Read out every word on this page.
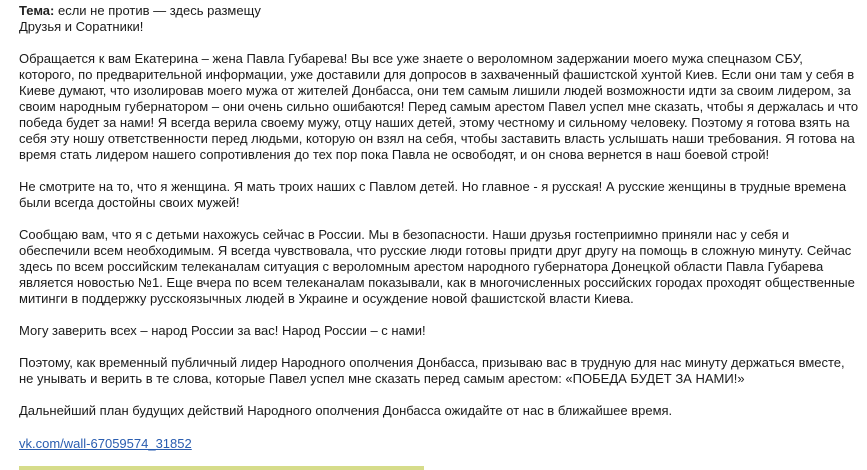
Тема: если не против — здесь размещу
Друзья и Соратники!

Обращается к вам Екатерина – жена Павла Губарева! Вы все уже знаете о вероломном задержании моего мужа спецназом СБУ, которого, по предварительной информации, уже доставили для допросов в захваченный фашистской хунтой Киев. Если они там у себя в Киеве думают, что изолировав моего мужа от жителей Донбасса, они тем самым лишили людей возможности идти за своим лидером, за своим народным губернатором – они очень сильно ошибаются! Перед самым арестом Павел успел мне сказать, чтобы я держалась и что победа будет за нами! Я всегда верила своему мужу, отцу наших детей, этому честному и сильному человеку. Поэтому я готова взять на себя эту ношу ответственности перед людьми, которую он взял на себя, чтобы заставить власть услышать наши требования. Я готова на время стать лидером нашего сопротивления до тех пор пока Павла не освободят, и он снова вернется в наш боевой строй!

Не смотрите на то, что я женщина. Я мать троих наших с Павлом детей. Но главное - я русская! А русские женщины в трудные времена были всегда достойны своих мужей!

Сообщаю вам, что я с детьми нахожусь сейчас в России. Мы в безопасности. Наши друзья гостеприимно приняли нас у себя и обеспечили всем необходимым. Я всегда чувствовала, что русские люди готовы придти друг другу на помощь в сложную минуту. Сейчас здесь по всем российским телеканалам ситуация с вероломным арестом народного губернатора Донецкой области Павла Губарева является новостью №1. Еще вчера по всем телеканалам показывали, как в многочисленных российских городах проходят общественные митинги в поддержку русскоязычных людей в Украине и осуждение новой фашистской власти Киева.

Могу заверить всех – народ России за вас! Народ России – с нами!

Поэтому, как временный публичный лидер Народного ополчения Донбасса, призываю вас в трудную для нас минуту держаться вместе, не унывать и верить в те слова, которые Павел успел мне сказать перед самым арестом: «ПОБЕДА БУДЕТ ЗА НАМИ!»

Дальнейший план будущих действий Народного ополчения Донбасса ожидайте от нас в ближайшее время.

vk.com/wall-67059574_31852
